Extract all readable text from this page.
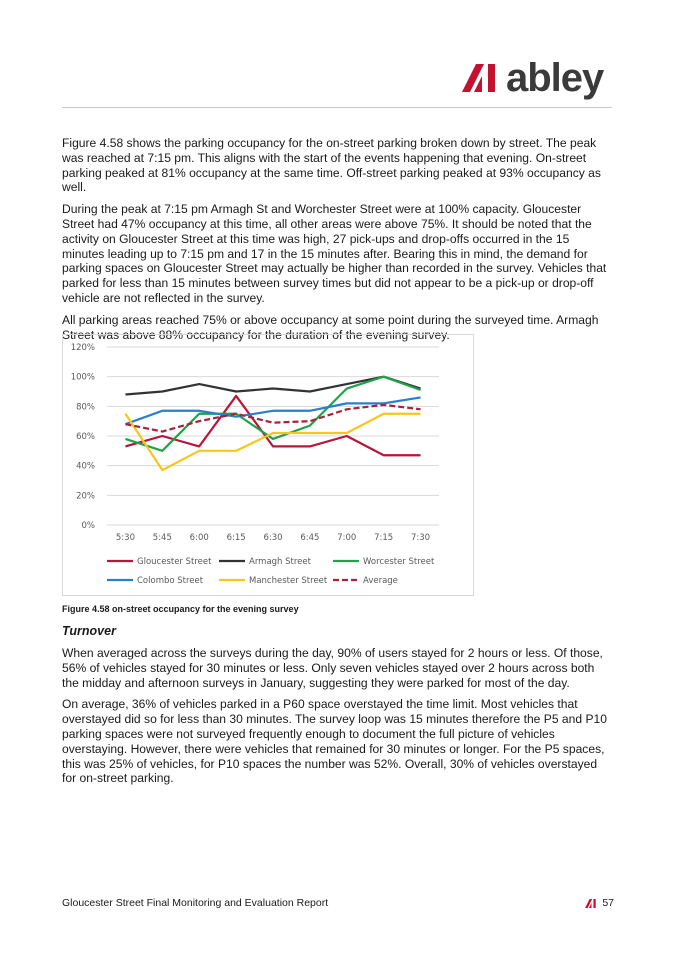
abley

Figure 4.58 shows the parking occupancy for the on-street parking broken down by street. The peak was reached at 7:15 pm. This aligns with the start of the events happening that evening. On-street parking peaked at 81% occupancy at the same time. Off-street parking peaked at 93% occupancy as well.

During the peak at 7:15 pm Armagh St and Worchester Street were at 100% capacity. Gloucester Street had 47% occupancy at this time, all other areas were above 75%. It should be noted that the activity on Gloucester Street at this time was high, 27 pick-ups and drop-offs occurred in the 15 minutes leading up to 7:15 pm and 17 in the 15 minutes after. Bearing this in mind, the demand for parking spaces on Gloucester Street may actually be higher than recorded in the survey. Vehicles that parked for less than 15 minutes between survey times but did not appear to be a pick-up or drop-off vehicle are not reflected in the survey.

All parking areas reached 75% or above occupancy at some point during the surveyed time. Armagh Street was above 88% occupancy for the duration of the evening survey.

0%
20%
40%
60%
80%
100%
120%
5:30 5:45 6:00 6:15 6:30 6:45 7:00 7:15 7:30
Gloucester Street	Armagh Street	Worcester Street
Colombo Street	Manchester Street	Average
Figure 4.58 on-street occupancy for the evening survey
Turnover

When averaged across the surveys during the day, 90% of users stayed for 2 hours or less. Of those, 56% of vehicles stayed for 30 minutes or less. Only seven vehicles stayed over 2 hours across both the midday and afternoon surveys in January, suggesting they were parked for most of the day.

On average, 36% of vehicles parked in a P60 space overstayed the time limit. Most vehicles that overstayed did so for less than 30 minutes. The survey loop was 15 minutes therefore the P5 and P10 parking spaces were not surveyed frequently enough to document the full picture of vehicles overstaying. However, there were vehicles that remained for 30 minutes or longer. For the P5 spaces, this was 25% of vehicles, for P10 spaces the number was 52%. Overall, 30% of vehicles overstayed for on-street parking.

Gloucester Street Final Monitoring and Evaluation Report	57
